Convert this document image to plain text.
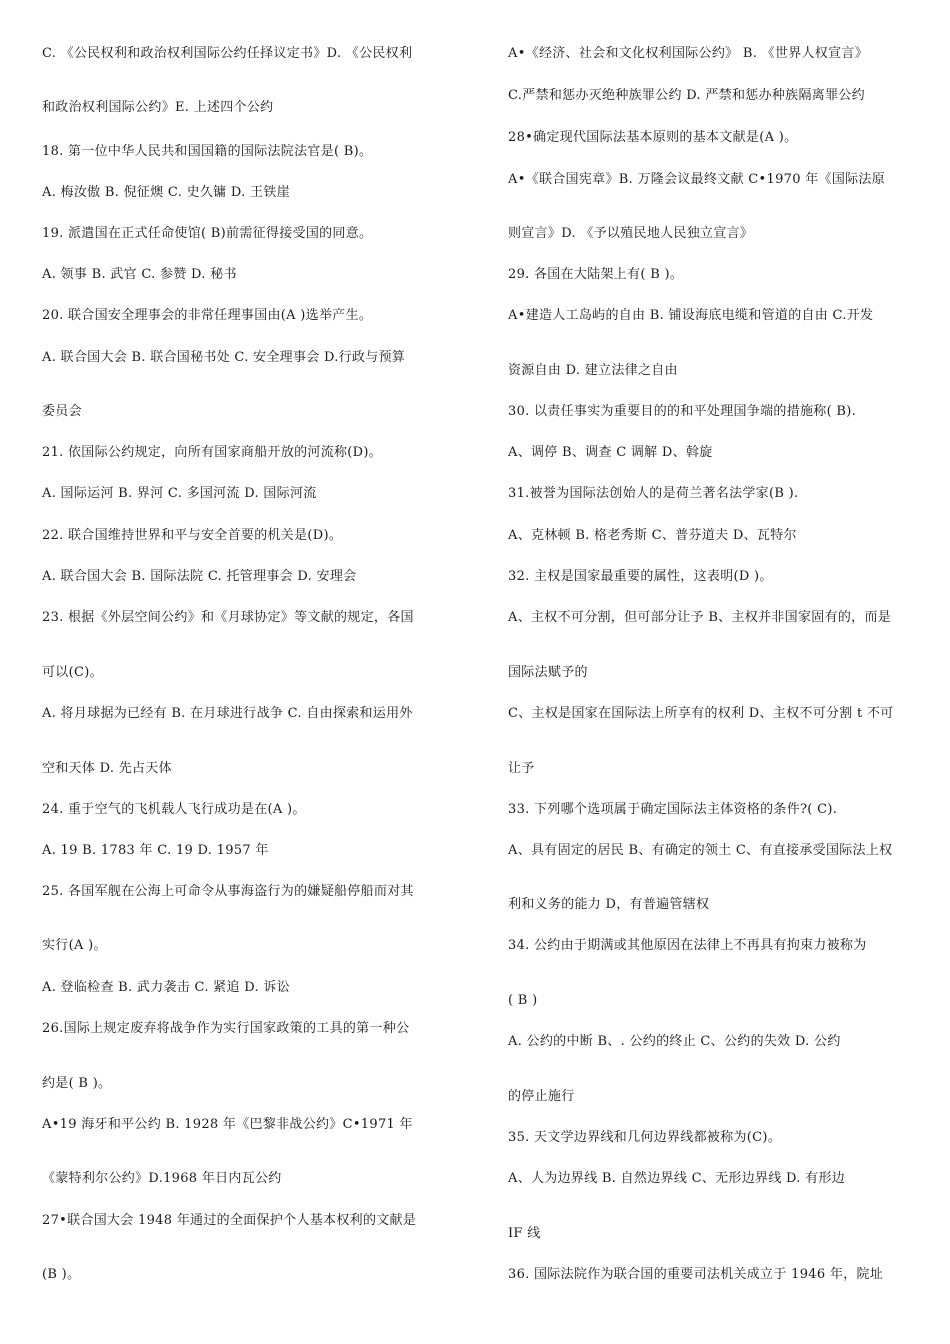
C. 《公民权利和政治权利国际公约任择议定书》D. 《公民权利
和政治权利国际公约》E. 上述四个公约
18. 第一位中华人民共和国国籍的国际法院法官是( B)。
A. 梅汝傲 B. 倪征燠 C. 史久镛 D. 王铁崖
19. 派遣国在正式任命使馆( B)前需征得接受国的同意。
A. 领事 B. 武官 C. 参赞 D. 秘书
20. 联合国安全理事会的非常任理事国由(A )选举产生。
A. 联合国大会 B. 联合国秘书处 C. 安全理事会 D.行政与预算
委员会
21. 依国际公约规定，向所有国家商船开放的河流称(D)。
A. 国际运河 B. 界河 C. 多国河流 D. 国际河流
22. 联合国维持世界和平与安全首要的机关是(D)。
A. 联合国大会 B. 国际法院 C. 托管理事会 D. 安理会
23. 根据《外层空间公约》和《月球协定》等文献的规定，各国
可以(C)。
A. 将月球据为已经有 B. 在月球进行战争 C. 自由探索和运用外
空和天体 D. 先占天体
24. 重于空气的飞机载人飞行成功是在(A )。
A. 19 B. 1783 年 C. 19 D. 1957 年
25. 各国军舰在公海上可命令从事海盗行为的嫌疑船停船而对其
实行(A )。
A. 登临检查 B. 武力袭击 C. 紧追 D. 诉讼
26.国际上规定废弃将战争作为实行国家政策的工具的第一种公
约是( B )。
A•19 海牙和平公约 B. 1928 年《巴黎非战公约》C•1971 年
《蒙特利尔公约》D.1968 年日内瓦公约
27•联合国大会 1948 年通过的全面保护个人基本权利的文献是
(B )。
A•《经济、社会和文化权利国际公约》 B. 《世界人权宣言》
C.严禁和惩办灭绝种族罪公约 D. 严禁和惩办种族隔离罪公约
28•确定现代国际法基本原则的基本文献是(A )。
A•《联合国宪章》B. 万隆会议最终文献 C•1970 年《国际法原
则宣言》D. 《予以殖民地人民独立宣言》
29. 各国在大陆架上有( B )。
A•建造人工岛屿的自由 B. 铺设海底电缆和管道的自由 C.开发
资源自由 D. 建立法律之自由
30. 以责任事实为重要目的的和平处理国争端的措施称( B).
A、调停 B、调查 C 调解 D、斡旋
31.被誉为国际法创始人的是荷兰著名法学家(B ).
A、克林顿 B. 格老秀斯 C、普芬道夫 D、瓦特尔
32. 主权是国家最重要的属性，这表明(D )。
A、主权不可分割，但可部分让予 B、主权并非国家固有的，而是
国际法赋予的
C、主权是国家在国际法上所享有的权利 D、主权不可分割 t 不可
让予
33. 下列哪个选项属于确定国际法主体资格的条件?( C).
A、具有固定的居民 B、有确定的领土 C、有直接承受国际法上权
利和义务的能力 D，有普遍管辖权
34. 公约由于期满或其他原因在法律上不再具有拘束力被称为
( B )
A. 公约的中断 B、. 公约的终止 C、公约的失效 D. 公约
的停止施行
35. 天文学边界线和几何边界线都被称为(C)。
A、人为边界线 B. 自然边界线 C、无形边界线 D. 有形边
IF 线
36. 国际法院作为联合国的重要司法机关成立于 1946 年，院址
